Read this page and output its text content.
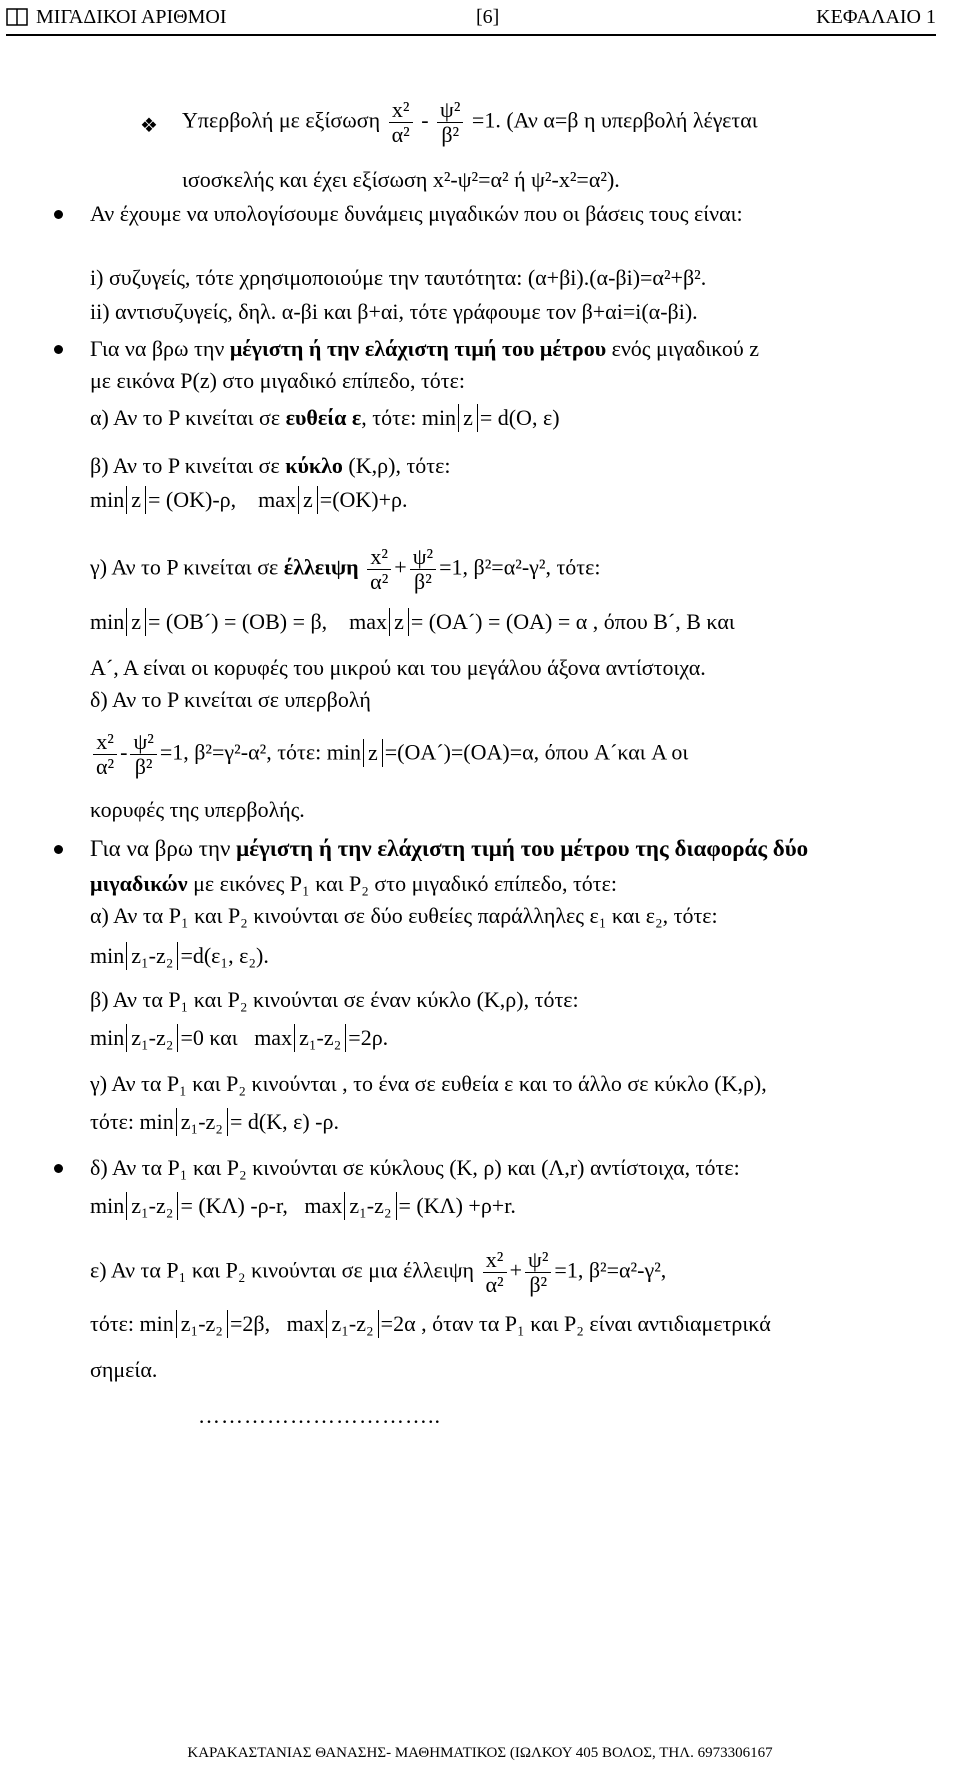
ΜΙΓΑΔΙΚΟΙ ΑΡΙΘΜΟΙ	[6]	ΚΕΦΑΛΑΙΟ 1
❖ Υπερβολή με εξίσωση $\frac{\text{x²}}{\text{α²}} - \frac{\text{ψ²}}{\text{β²}} =1$. (Αν α=β η υπερβολή λέγεται
ισοσκελής και έχει εξίσωση x²-ψ²=α² ή ψ²-x²=α²).
Αν έχουμε να υπολογίσουμε δυνάμεις μιγαδικών που οι βάσεις τους είναι:
i) συζυγείς, τότε χρησιμοποιούμε την ταυτότητα: (α+βi).(α-βi)=α²+β².
ii) αντισυζυγείς, δηλ. α-βi και β+αi, τότε γράφουμε τον β+αi=i(α-βi).
Για να βρω την μέγιστη ή την ελάχιστη τιμή του μέτρου ενός μιγαδικού z
με εικόνα P(z) στο μιγαδικό επίπεδο, τότε:
α) Αν το P κινείται σε ευθεία ε, τότε: min z = d(O, ε)
β) Αν το P κινείται σε κύκλο (K,ρ), τότε:
min z = (OK)-ρ, max z =(OK)+ρ.
γ) Αν το P κινείται σε έλλειψη $\frac{\text{x²}}{\text{α²}} + \frac{\text{ψ²}}{\text{β²}} =1$, β²=α²-γ², τότε:
min z = (OB´) = (OB) = β, max z = (OA´) = (OA) = α , όπου B´, B και
A´, A είναι οι κορυφές του μικρού και του μεγάλου άξονα αντίστοιχα.
δ) Αν το P κινείται σε υπερβολή
$\frac{\text{x²}}{\text{α²}} - \frac{\text{ψ²}}{\text{β²}} =1$, β²=γ²-α², τότε: min z =(OA´)=(OA)=α, όπου A´και A οι
κορυφές της υπερβολής.
Για να βρω την μέγιστη ή την ελάχιστη τιμή του μέτρου της διαφοράς δύο
μιγαδικών με εικόνες P₁ και P₂ στο μιγαδικό επίπεδο, τότε:
α) Αν τα P₁ και P₂ κινούνται σε δύο ευθείες παράλληλες ε₁ και ε₂, τότε:
min z₁-z₂ =d(ε₁, ε₂).
β) Αν τα P₁ και P₂ κινούνται σε έναν κύκλο (K,ρ), τότε:
min z₁-z₂ =0 και max z₁-z₂ =2ρ.
γ) Αν τα P₁ και P₂ κινούνται , το ένα σε ευθεία ε και το άλλο σε κύκλο (K,ρ),
τότε: min z₁-z₂ = d(K, ε) -ρ.
δ) Αν τα P₁ και P₂ κινούνται σε κύκλους (K, ρ) και (Λ,r) αντίστοιχα, τότε:
min z₁-z₂ = (KΛ) -ρ-r, max z₁-z₂ = (KΛ) +ρ+r.
ε) Αν τα P₁ και P₂ κινούνται σε μια έλλειψη $\frac{\text{x²}}{\text{α²}} + \frac{\text{ψ²}}{\text{β²}} =1$, β²=α²-γ²,
τότε: min z₁-z₂ =2β, max z₁-z₂ =2α , όταν τα P₁ και P₂ είναι αντιδιαμετρικά
σημεία.
…………………………..
ΚΑΡΑΚΑΣΤΑΝΙΑΣ ΘΑΝΑΣΗΣ- ΜΑΘΗΜΑΤΙΚΟΣ (ΙΩΛΚΟΥ 405 ΒΟΛΟΣ, ΤΗΛ. 6973306167
